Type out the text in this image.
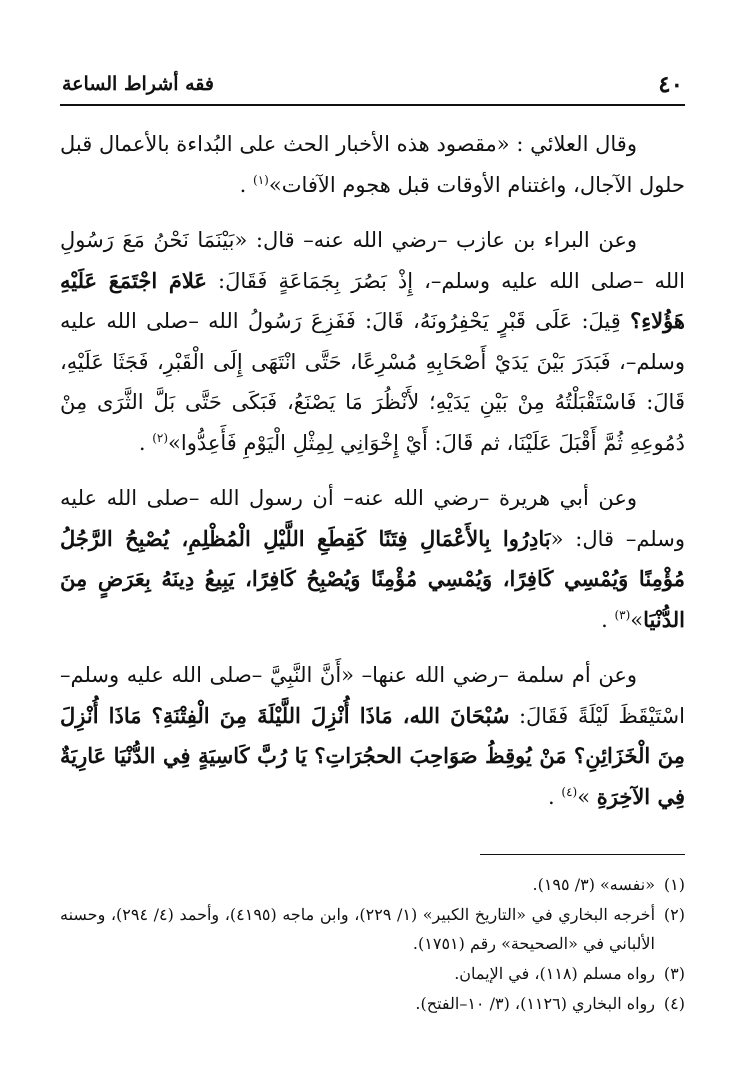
٤٠
فقه أشراط الساعة

وقال العلائي : «مقصود هذه الأخبار الحث على البُداءة بالأعمال قبل حلول الآجال، واغتنام الأوقات قبل هجوم الآفات»$^{(١)}$ .

وعن البراء بن عازب –رضي الله عنه– قال: «بَيْنَمَا نَحْنُ مَعَ رَسُولِ الله –صلى الله عليه وسلم–، إِذْ بَصُرَ بِجَمَاعَةٍ فَقَالَ: عَلامَ اجْتَمَعَ عَلَيْهِ هَؤُلاءِ؟ قِيلَ: عَلَى قَبْرٍ يَحْفِرُونَهُ، قَالَ: فَفَزِعَ رَسُولُ الله –صلى الله عليه وسلم–، فَبَدَرَ بَيْنَ يَدَيْ أَصْحَابِهِ مُسْرِعًا، حَتَّى انْتَهَى إِلَى الْقَبْرِ، فَجَثَا عَلَيْهِ، قَالَ: فَاسْتَقْبَلْتُهُ مِنْ بَيْنِ يَدَيْهِ؛ لأَنْظُرَ مَا يَصْنَعُ، فَبَكَى حَتَّى بَلَّ الثَّرَى مِنْ دُمُوعِهِ ثُمَّ أَقْبَلَ عَلَيْنَا، ثم قَالَ: أَيْ إِخْوَانِي لِمِثْلِ الْيَوْمِ فَأَعِدُّوا»$^{(٢)}$ .

وعن أبي هريرة –رضي الله عنه– أن رسول الله –صلى الله عليه وسلم– قال: «بَادِرُوا بِالأَعْمَالِ فِتَنًا كَقِطَعِ اللَّيْلِ الْمُظْلِمِ، يُصْبِحُ الرَّجُلُ مُؤْمِنًا وَيُمْسِي كَافِرًا، وَيُمْسِي مُؤْمِنًا وَيُصْبِحُ كَافِرًا، يَبِيعُ دِينَهُ بِعَرَضٍ مِنَ الدُّنْيَا»$^{(٣)}$ .

وعن أم سلمة –رضي الله عنها– «أَنَّ النَّبِيَّ –صلى الله عليه وسلم– اسْتَيْقَظَ لَيْلَةً فَقَالَ: سُبْحَانَ الله، مَاذَا أُنْزِلَ اللَّيْلَةَ مِنَ الْفِتْنَةِ؟ مَاذَا أُنْزِلَ مِنَ الْخَزَائِنِ؟ مَنْ يُوقِظُ صَوَاحِبَ الحجُرَاتِ؟ يَا رُبَّ كَاسِيَةٍ فِي الدُّنْيَا عَارِيَةٌ فِي الآخِرَةِ »$^{(٤)}$ .

(١)
«نفسه» (٣/ ١٩٥).
(٢)
أخرجه البخاري في «التاريخ الكبير» (١/ ٢٢٩)، وابن ماجه (٤١٩٥)، وأحمد (٤/ ٢٩٤)، وحسنه الألباني في «الصحيحة» رقم (١٧٥١).
(٣)
رواه مسلم (١١٨)، في الإيمان.
(٤)
رواه البخاري (١١٢٦)، (٣/ ١٠–الفتح).
